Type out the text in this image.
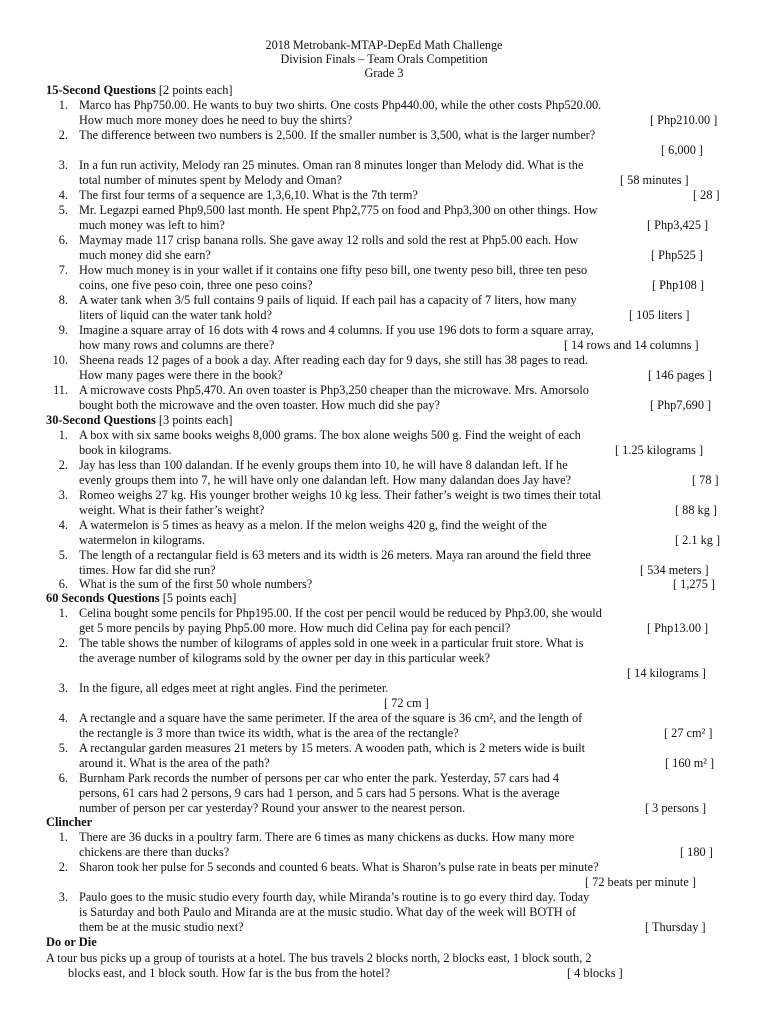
2018 Metrobank-MTAP-DepEd Math Challenge
Division Finals – Team Orals Competition
Grade 3
15-Second Questions [2 points each]
30-Second Questions [3 points each]
60 Seconds Questions [5 points each]
Clincher
Do or Die
1. Marco has Php750.00. He wants to buy two shirts. One costs Php440.00, while the other costs Php520.00.
How much more money does he need to buy the shirts?	[ Php210.00 ]
2. The difference between two numbers is 2,500. If the smaller number is 3,500, what is the larger number?
[ 6,000 ]
3. In a fun run activity, Melody ran 25 minutes. Oman ran 8 minutes longer than Melody did. What is the
total number of minutes spent by Melody and Oman?	[ 58 minutes ]
4. The first four terms of a sequence are 1,3,6,10. What is the 7th term?	[ 28 ]
5. Mr. Legazpi earned Php9,500 last month. He spent Php2,775 on food and Php3,300 on other things. How
much money was left to him?	[ Php3,425 ]
6. Maymay made 117 crisp banana rolls. She gave away 12 rolls and sold the rest at Php5.00 each. How
much money did she earn?	[ Php525 ]
7. How much money is in your wallet if it contains one fifty peso bill, one twenty peso bill, three ten peso
coins, one five peso coin, three one peso coins?	[ Php108 ]
8. A water tank when 3/5 full contains 9 pails of liquid. If each pail has a capacity of 7 liters, how many
liters of liquid can the water tank hold?	[ 105 liters ]
9. Imagine a square array of 16 dots with 4 rows and 4 columns. If you use 196 dots to form a square array,
how many rows and columns are there?	[ 14 rows and 14 columns ]
10. Sheena reads 12 pages of a book a day. After reading each day for 9 days, she still has 38 pages to read.
How many pages were there in the book?	[ 146 pages ]
11. A microwave costs Php5,470. An oven toaster is Php3,250 cheaper than the microwave. Mrs. Amorsolo
bought both the microwave and the oven toaster. How much did she pay?	[ Php7,690 ]
1. A box with six same books weighs 8,000 grams. The box alone weighs 500 g. Find the weight of each
book in kilograms.	[ 1.25 kilograms ]
2. Jay has less than 100 dalandan. If he evenly groups them into 10, he will have 8 dalandan left. If he
evenly groups them into 7, he will have only one dalandan left. How many dalandan does Jay have?	[ 78 ]
3. Romeo weighs 27 kg. His younger brother weighs 10 kg less. Their father’s weight is two times their total
weight. What is their father’s weight?	[ 88 kg ]
4. A watermelon is 5 times as heavy as a melon. If the melon weighs 420 g, find the weight of the
watermelon in kilograms.	[ 2.1 kg ]
5. The length of a rectangular field is 63 meters and its width is 26 meters. Maya ran around the field three
times. How far did she run?	[ 534 meters ]
6. What is the sum of the first 50 whole numbers?	[ 1,275 ]
1. Celina bought some pencils for Php195.00. If the cost per pencil would be reduced by Php3.00, she would
get 5 more pencils by paying Php5.00 more. How much did Celina pay for each pencil?	[ Php13.00 ]
2. The table shows the number of kilograms of apples sold in one week in a particular fruit store. What is
the average number of kilograms sold by the owner per day in this particular week?
[ 14 kilograms ]
3. In the figure, all edges meet at right angles. Find the perimeter.
[ 72 cm ]
4. A rectangle and a square have the same perimeter. If the area of the square is 36 cm², and the length of
the rectangle is 3 more than twice its width, what is the area of the rectangle?	[ 27 cm² ]
5. A rectangular garden measures 21 meters by 15 meters. A wooden path, which is 2 meters wide is built
around it. What is the area of the path?	[ 160 m² ]
6. Burnham Park records the number of persons per car who enter the park. Yesterday, 57 cars had 4
persons, 61 cars had 2 persons, 9 cars had 1 person, and 5 cars had 5 persons. What is the average
number of person per car yesterday? Round your answer to the nearest person.	[ 3 persons ]
1. There are 36 ducks in a poultry farm. There are 6 times as many chickens as ducks. How many more
chickens are there than ducks?	[ 180 ]
2. Sharon took her pulse for 5 seconds and counted 6 beats. What is Sharon’s pulse rate in beats per minute?
[ 72 beats per minute ]
3. Paulo goes to the music studio every fourth day, while Miranda’s routine is to go every third day. Today
is Saturday and both Paulo and Miranda are at the music studio. What day of the week will BOTH of
them be at the music studio next?	[ Thursday ]
A tour bus picks up a group of tourists at a hotel. The bus travels 2 blocks north, 2 blocks east, 1 block south, 2
blocks east, and 1 block south. How far is the bus from the hotel?	[ 4 blocks ]
